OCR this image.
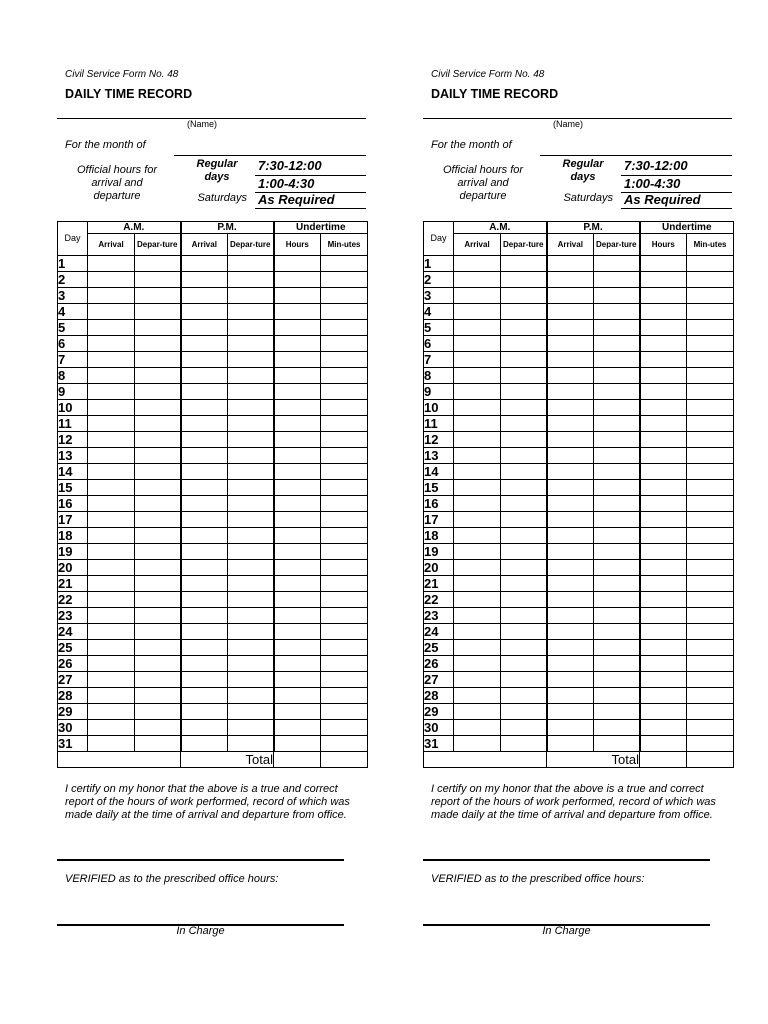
Civil Service Form No. 48
DAILY TIME RECORD
(Name)
For the month of
Official hours for arrival and departure
Regular days
7:30-12:00
1:00-4:30
Saturdays As Required
Day	A.M.		P.M.		Undertime	
	Arrival	Depar-ture	Arrival	Depar-ture	Hours	Min-utes
1						
2						
3						
4						
5						
6						
7						
8						
9						
10						
11						
12						
13						
14						
15						
16						
17						
18						
19						
20						
21						
22						
23						
24						
25						
26						
27						
28						
29						
30						
31						
			Total			
I certify on my honor that the above is a true and correct report of the hours of work performed, record of which was made daily at the time of arrival and departure from office.
VERIFIED as to the prescribed office hours:
In Charge
Civil Service Form No. 48
DAILY TIME RECORD
(Name)
For the month of
Official hours for arrival and departure
Regular days
7:30-12:00
1:00-4:30
Saturdays As Required
Day	A.M.		P.M.		Undertime	
	Arrival	Depar-ture	Arrival	Depar-ture	Hours	Min-utes
1						
2						
3						
4						
5						
6						
7						
8						
9						
10						
11						
12						
13						
14						
15						
16						
17						
18						
19						
20						
21						
22						
23						
24						
25						
26						
27						
28						
29						
30						
31						
			Total			
I certify on my honor that the above is a true and correct report of the hours of work performed, record of which was made daily at the time of arrival and departure from office.
VERIFIED as to the prescribed office hours:
In Charge
